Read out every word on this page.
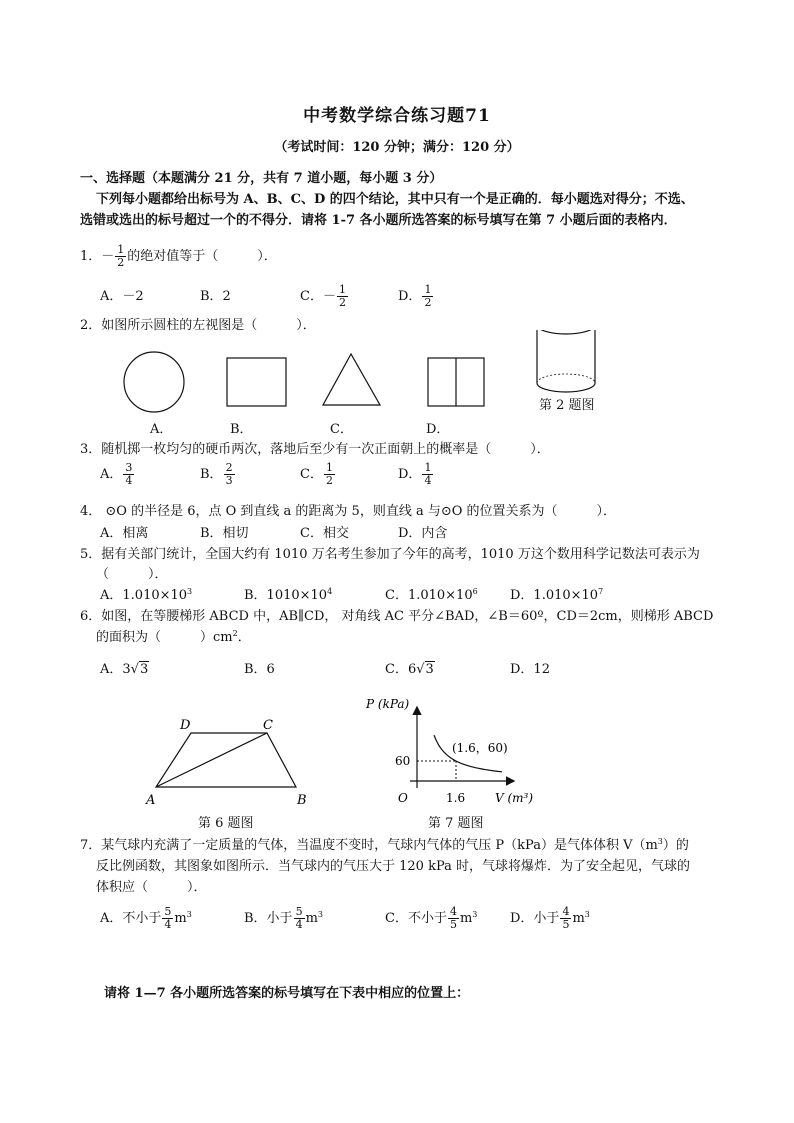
中考数学综合练习题71
（考试时间：120 分钟；满分：120 分）
一、选择题（本题满分 21 分，共有 7 道小题，每小题 3 分）
下列每小题都给出标号为 A、B、C、D 的四个结论，其中只有一个是正确的．每小题选对得分；不选、
选错或选出的标号超过一个的不得分．请将 1-7 各小题所选答案的标号填写在第 7 小题后面的表格内．
1．－ $\frac{1}{2}$ 的绝对值等于（　　　）．
A．－2	B．2	C．－ $\frac{1}{2}$	D． $\frac{1}{2}$
2．如图所示圆柱的左视图是（　　　）．
第 2 题图
A．	B．	C．	D．
3．随机掷一枚均匀的硬币两次，落地后至少有一次正面朝上的概率是（　　　）．
A． $\frac{3}{4}$	B． $\frac{2}{3}$	C． $\frac{1}{2}$	D． $\frac{1}{4}$
4． ⊙O 的半径是 6，点 O 到直线 a 的距离为 5，则直线 a 与⊙O 的位置关系为（　　　）．
A．相离	B．相切	C．相交	D．内含
5．据有关部门统计，全国大约有 1010 万名考生参加了今年的高考，1010 万这个数用科学记数法可表示为
（　　　）．
A．$1.010\times 10^3$	B．$1010\times 10^4$	C．$1.010\times 10^6$ D．$1.010\times 10^7$
6．如图，在等腰梯形 ABCD 中，AB∥CD， 对角线 AC 平分∠BAD，∠B＝60º，CD＝2cm，则梯形 ABCD
的面积为（　　　）$cm^2$．
A．3√3	B．6	C．6√3	D．12
D	C
A	B
第 6 题图
P (kPa)
V (m³)
O
60
1.6
(1.6，60)
第 7 题图
7．某气球内充满了一定质量的气体，当温度不变时，气球内气体的气压 P（kPa）是气体体积 $V(m^3)$的
反比例函数，其图象如图所示．当气球内的气压大于 120 kPa 时，气球将爆炸．为了安全起见，气球的
体积应（　　　）．
A．不小于 $\frac{5}{4} m^3$	B．小于 $\frac{5}{4} m^3$	C．不小于 $\frac{4}{5} m^3$	D．小于 $\frac{4}{5} m^3$
请将 1—7 各小题所选答案的标号填写在下表中相应的位置上：
